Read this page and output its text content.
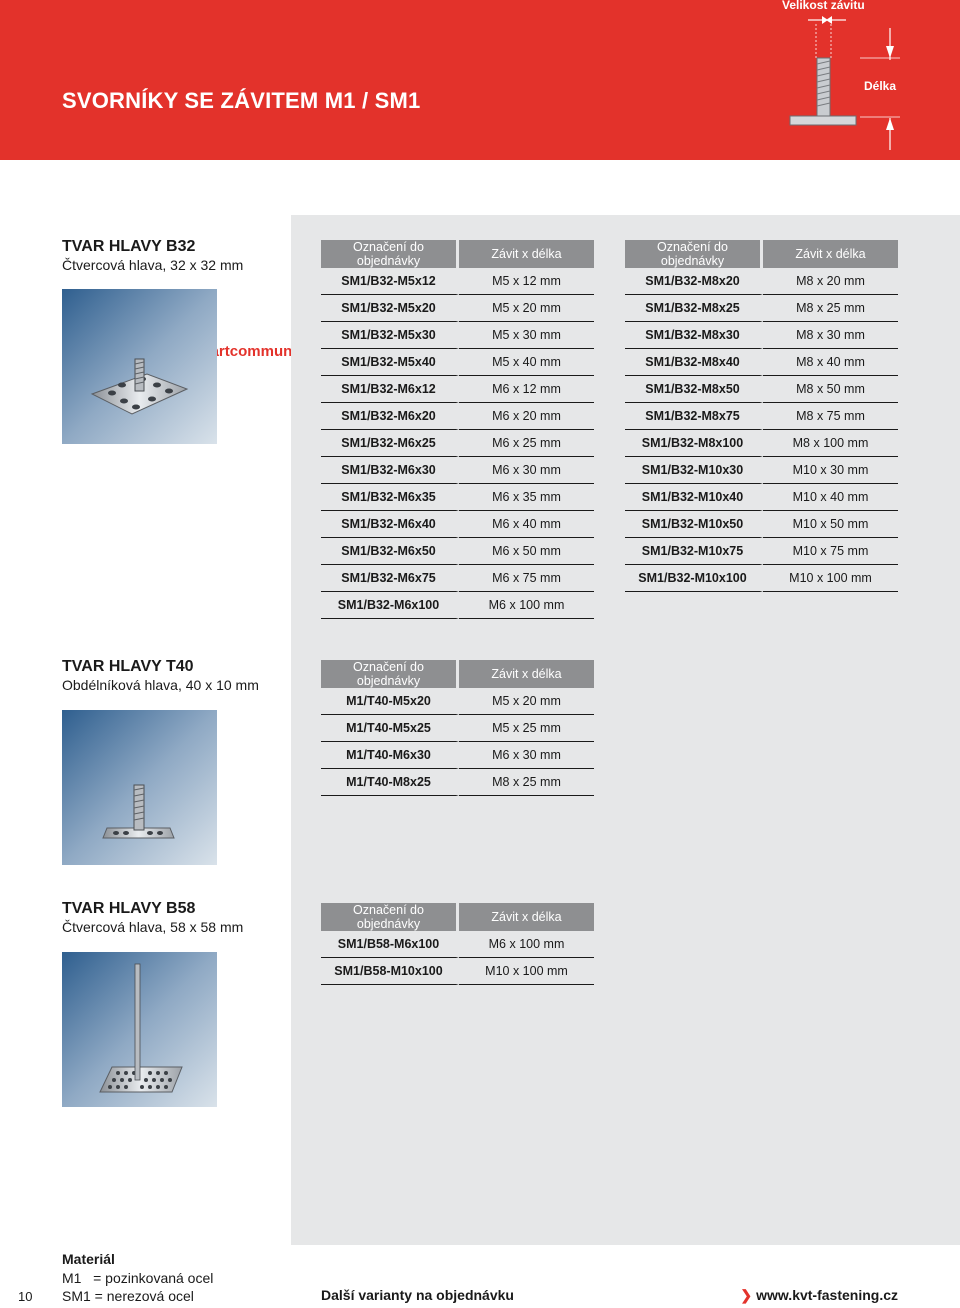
SVORNÍKY SE ZÁVITEM M1 / SM1
Velikost závitu
Délka
http://kvt.partcommunity.com
TVAR HLAVY B32
Čtvercová hlava, 32 x 32 mm
Označení do objednávky	Závit x délka
SM1/B32-M5x12	M5 x 12 mm
SM1/B32-M5x20	M5 x 20 mm
SM1/B32-M5x30	M5 x 30 mm
SM1/B32-M5x40	M5 x 40 mm
SM1/B32-M6x12	M6 x 12 mm
SM1/B32-M6x20	M6 x 20 mm
SM1/B32-M6x25	M6 x 25 mm
SM1/B32-M6x30	M6 x 30 mm
SM1/B32-M6x35	M6 x 35 mm
SM1/B32-M6x40	M6 x 40 mm
SM1/B32-M6x50	M6 x 50 mm
SM1/B32-M6x75	M6 x 75 mm
SM1/B32-M6x100	M6 x 100 mm
Označení do objednávky	Závit x délka
SM1/B32-M8x20	M8 x 20 mm
SM1/B32-M8x25	M8 x 25 mm
SM1/B32-M8x30	M8 x 30 mm
SM1/B32-M8x40	M8 x 40 mm
SM1/B32-M8x50	M8 x 50 mm
SM1/B32-M8x75	M8 x 75 mm
SM1/B32-M8x100	M8 x 100 mm
SM1/B32-M10x30	M10 x 30 mm
SM1/B32-M10x40	M10 x 40 mm
SM1/B32-M10x50	M10 x 50 mm
SM1/B32-M10x75	M10 x 75 mm
SM1/B32-M10x100	M10 x 100 mm
TVAR HLAVY T40
Obdélníková hlava, 40 x 10 mm
Označení do objednávky	Závit x délka
M1/T40-M5x20	M5 x 20 mm
M1/T40-M5x25	M5 x 25 mm
M1/T40-M6x30	M6 x 30 mm
M1/T40-M8x25	M8 x 25 mm
TVAR HLAVY B58
Čtvercová hlava, 58 x 58 mm
Označení do objednávky	Závit x délka
SM1/B58-M6x100	M6 x 100 mm
SM1/B58-M10x100	M10 x 100 mm
Materiál
M1   = pozinkovaná ocel
SM1 = nerezová ocel
10	Další varianty na objednávku	❯ www.kvt-fastening.cz
